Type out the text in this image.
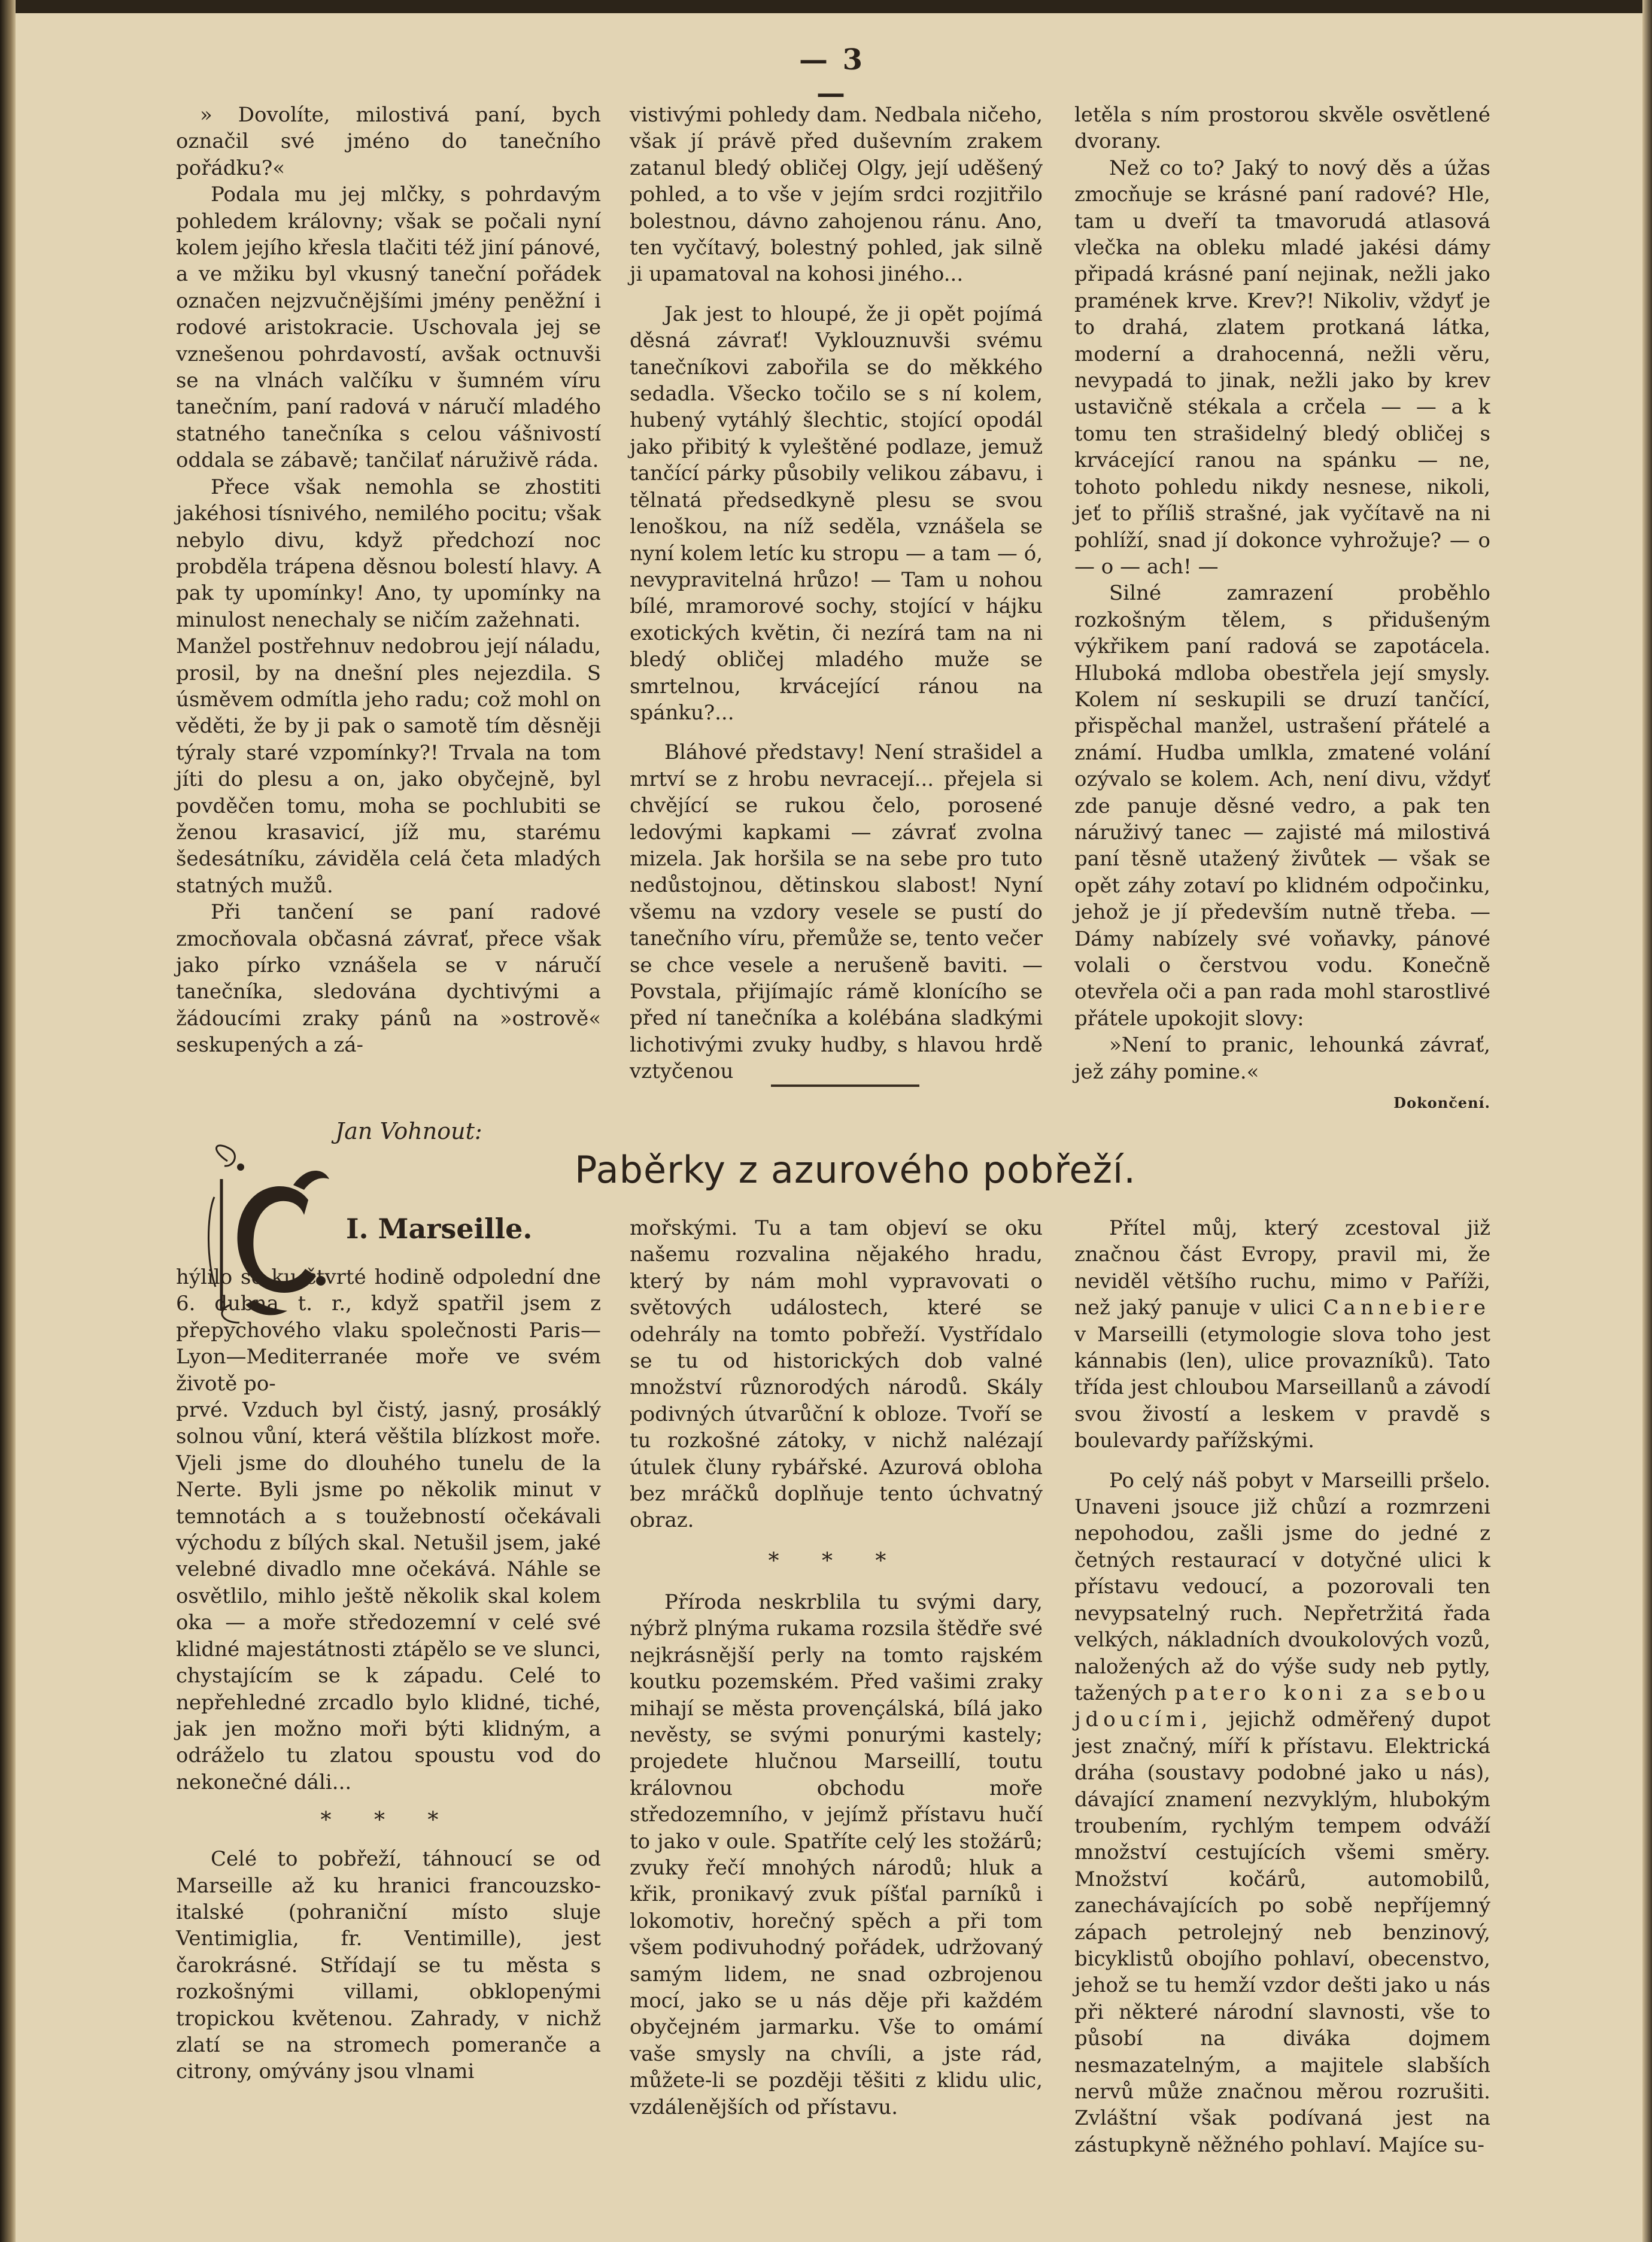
— 3 —

» Dovolíte, milostivá paní, bych označil své jméno do tanečního pořádku?«

Podala mu jej mlčky, s pohrdavým pohledem královny; však se počali nyní kolem jejího křesla tlačiti též jiní pánové, a ve mžiku byl vkusný taneční pořádek označen nejzvučnějšími jmény peněžní i rodové aristokracie. Uschovala jej se vznešenou pohrdavostí, avšak octnuvši se na vlnách valčíku v šumném víru tanečním, paní radová v náručí mladého statného tanečníka s celou vášnivostí oddala se zábavě; tančilať náruživě ráda.

Přece však nemohla se zhostiti jakéhosi tísnivého, nemilého pocitu; však nebylo divu, když předchozí noc probděla trápena děsnou bolestí hlavy. A pak ty upomínky! Ano, ty upomínky na minulost nenechaly se ničím zažehnati.

Manžel postřehnuv nedobrou její náladu, prosil, by na dnešní ples nejezdila. S úsměvem odmítla jeho radu; což mohl on věděti, že by ji pak o samotě tím děsněji týraly staré vzpomínky?! Trvala na tom jíti do plesu a on, jako obyčejně, byl povděčen tomu, moha se pochlubiti se ženou krasavicí, jíž mu, starému šedesátníku, záviděla celá četa mladých statných mužů.

Při tančení se paní radové zmocňovala občasná závrať, přece však jako pírko vznášela se v náručí tanečníka, sledována dychtivými a žádoucími zraky pánů na »ostrově« seskupených a zá-

vistivými pohledy dam. Nedbala ničeho, však jí právě před duševním zrakem zatanul bledý obličej Olgy, její uděšený pohled, a to vše v jejím srdci rozjitřilo bolestnou, dávno zahojenou ránu. Ano, ten vyčítavý, bolestný pohled, jak silně ji upamatoval na kohosi jiného...

Jak jest to hloupé, že ji opět pojímá děsná závrať! Vyklouznuvši svému tanečníkovi zabořila se do měkkého sedadla. Všecko točilo se s ní kolem, hubený vytáhlý šlechtic, stojící opodál jako přibitý k vyleštěné podlaze, jemuž tančící párky působily velikou zábavu, i tělnatá předsedkyně plesu se svou lenoškou, na níž seděla, vznášela se nyní kolem letíc ku stropu — a tam — ó, nevypravitelná hrůzo! — Tam u nohou bílé, mramorové sochy, stojící v hájku exotických květin, či nezírá tam na ni bledý obličej mladého muže se smrtelnou, krvácející ránou na spánku?...

Bláhové představy! Není strašidel a mrtví se z hrobu nevracejí... přejela si chvějící se rukou čelo, porosené ledovými kapkami — závrať zvolna mizela. Jak horšila se na sebe pro tuto nedůstojnou, dětinskou slabost! Nyní všemu na vzdory vesele se pustí do tanečního víru, přemůže se, tento večer se chce vesele a nerušeně baviti. — Povstala, přijímajíc rámě klonícího se před ní tanečníka a kolébána sladkými lichotivými zvuky hudby, s hlavou hrdě vztyčenou

letěla s ním prostorou skvěle osvětlené dvorany.

Než co to? Jaký to nový děs a úžas zmocňuje se krásné paní radové? Hle, tam u dveří ta tmavorudá atlasová vlečka na obleku mladé jakési dámy připadá krásné paní nejinak, nežli jako pramének krve. Krev?! Nikoliv, vždyť je to drahá, zlatem protkaná látka, moderní a drahocenná, nežli věru, nevypadá to jinak, nežli jako by krev ustavičně stékala a crčela — — a k tomu ten strašidelný bledý obličej s krvácející ranou na spánku — ne, tohoto pohledu nikdy nesnese, nikoli, jeť to příliš strašné, jak vyčítavě na ni pohlíží, snad jí dokonce vyhrožuje? — o — o — ach! —

Silné zamrazení proběhlo rozkošným tělem, s přidušeným výkřikem paní radová se zapotácela. Hluboká mdloba obestřela její smysly. Kolem ní seskupili se druzí tančící, přispěchal manžel, ustrašení přátelé a známí. Hudba umlkla, zmatené volání ozývalo se kolem. Ach, není divu, vždyť zde panuje děsné vedro, a pak ten náruživý tanec — zajisté má milostivá paní těsně utažený živůtek — však se opět záhy zotaví po klidném odpočinku, jehož je jí především nutně třeba. — Dámy nabízely své voňavky, pánové volali o čerstvou vodu. Konečně otevřela oči a pan rada mohl starostlivé přátele upokojit slovy:

»Není to pranic, lehounká závrať, jež záhy pomine.«

Dokončení.
Jan Vohnout:
Paběrky z azurového pobřeží.
I. Marseille.

hýlilo se ku čtvrté hodině odpolední dne 6. dubna t. r., když spatřil jsem z přepychového vlaku společnosti Paris—Lyon—Mediterranée moře ve svém životě po-

prvé. Vzduch byl čistý, jasný, prosáklý solnou vůní, která věštila blízkost moře. Vjeli jsme do dlouhého tunelu de la Nerte. Byli jsme po několik minut v temnotách a s toužebností očekávali východu z bílých skal. Netušil jsem, jaké velebné divadlo mne očekává. Náhle se osvětlilo, mihlo ještě několik skal kolem oka — a moře středozemní v celé své klidné majestátnosti ztápělo se ve slunci, chystajícím se k západu. Celé to nepřehledné zrcadlo bylo klidné, tiché, jak jen možno moři býti klidným, a odráželo tu zlatou spoustu vod do nekonečné dáli...

* * *

Celé to pobřeží, táhnoucí se od Marseille až ku hranici francouzsko-italské (pohraniční místo sluje Ventimiglia, fr. Ventimille), jest čarokrásné. Střídají se tu města s rozkošnými villami, obklopenými tropickou květenou. Zahrady, v nichž zlatí se na stromech pomeranče a citrony, omývány jsou vlnami

mořskými. Tu a tam objeví se oku našemu rozvalina nějakého hradu, který by nám mohl vypravovati o světových událostech, které se odehrály na tomto pobřeží. Vystřídalo se tu od historických dob valné množství různorodých národů. Skály podivných útvarůční k obloze. Tvoří se tu rozkošné zátoky, v nichž nalézají útulek čluny rybářské. Azurová obloha bez mráčků doplňuje tento úchvatný obraz.

* * *

Příroda neskrblila tu svými dary, nýbrž plnýma rukama rozsila štědře své nejkrásnější perly na tomto rajském koutku pozemském. Před vašimi zraky mihají se města provençálská, bílá jako nevěsty, se svými ponurými kastely; projedete hlučnou Marseillí, toutu královnou obchodu moře středozemního, v jejímž přístavu hučí to jako v oule. Spatříte celý les stožárů; zvuky řečí mnohých národů; hluk a křik, pronikavý zvuk píšťal parníků i lokomotiv, horečný spěch a při tom všem podivuhodný pořádek, udržovaný samým lidem, ne snad ozbrojenou mocí, jako se u nás děje při každém obyčejném jarmarku. Vše to omámí vaše smysly na chvíli, a jste rád, můžete-li se později těšiti z klidu ulic, vzdálenějších od přístavu.

Přítel můj, který zcestoval již značnou část Evropy, pravil mi, že neviděl většího ruchu, mimo v Paříži, než jaký panuje v ulici Cannebiere v Marseilli (etymologie slova toho jest kánnabis (len), ulice provazníků). Tato třída jest chloubou Marseillanů a závodí svou živostí a leskem v pravdě s boulevardy pařížskými.

Po celý náš pobyt v Marseilli pršelo. Unaveni jsouce již chůzí a rozmrzeni nepohodou, zašli jsme do jedné z četných restaurací v dotyčné ulici k přístavu vedoucí, a pozorovali ten nevypsatelný ruch. Nepřetržitá řada velkých, nákladních dvoukolových vozů, naložených až do výše sudy neb pytly, tažených patero koni za sebou jdoucími, jejichž odměřený dupot jest značný, míří k přístavu. Elektrická dráha (soustavy podobné jako u nás), dávající znamení nezvyklým, hlubokým troubením, rychlým tempem odváží množství cestujících všemi směry. Množství kočárů, automobilů, zanechávajících po sobě nepříjemný zápach petrolejný neb benzinový, bicyklistů obojího pohlaví, obecenstvo, jehož se tu hemží vzdor dešti jako u nás při některé národní slavnosti, vše to působí na diváka dojmem nesmazatelným, a majitele slabších nervů může značnou měrou rozrušiti. Zvláštní však podívaná jest na zástupkyně něžného pohlaví. Majíce su-
